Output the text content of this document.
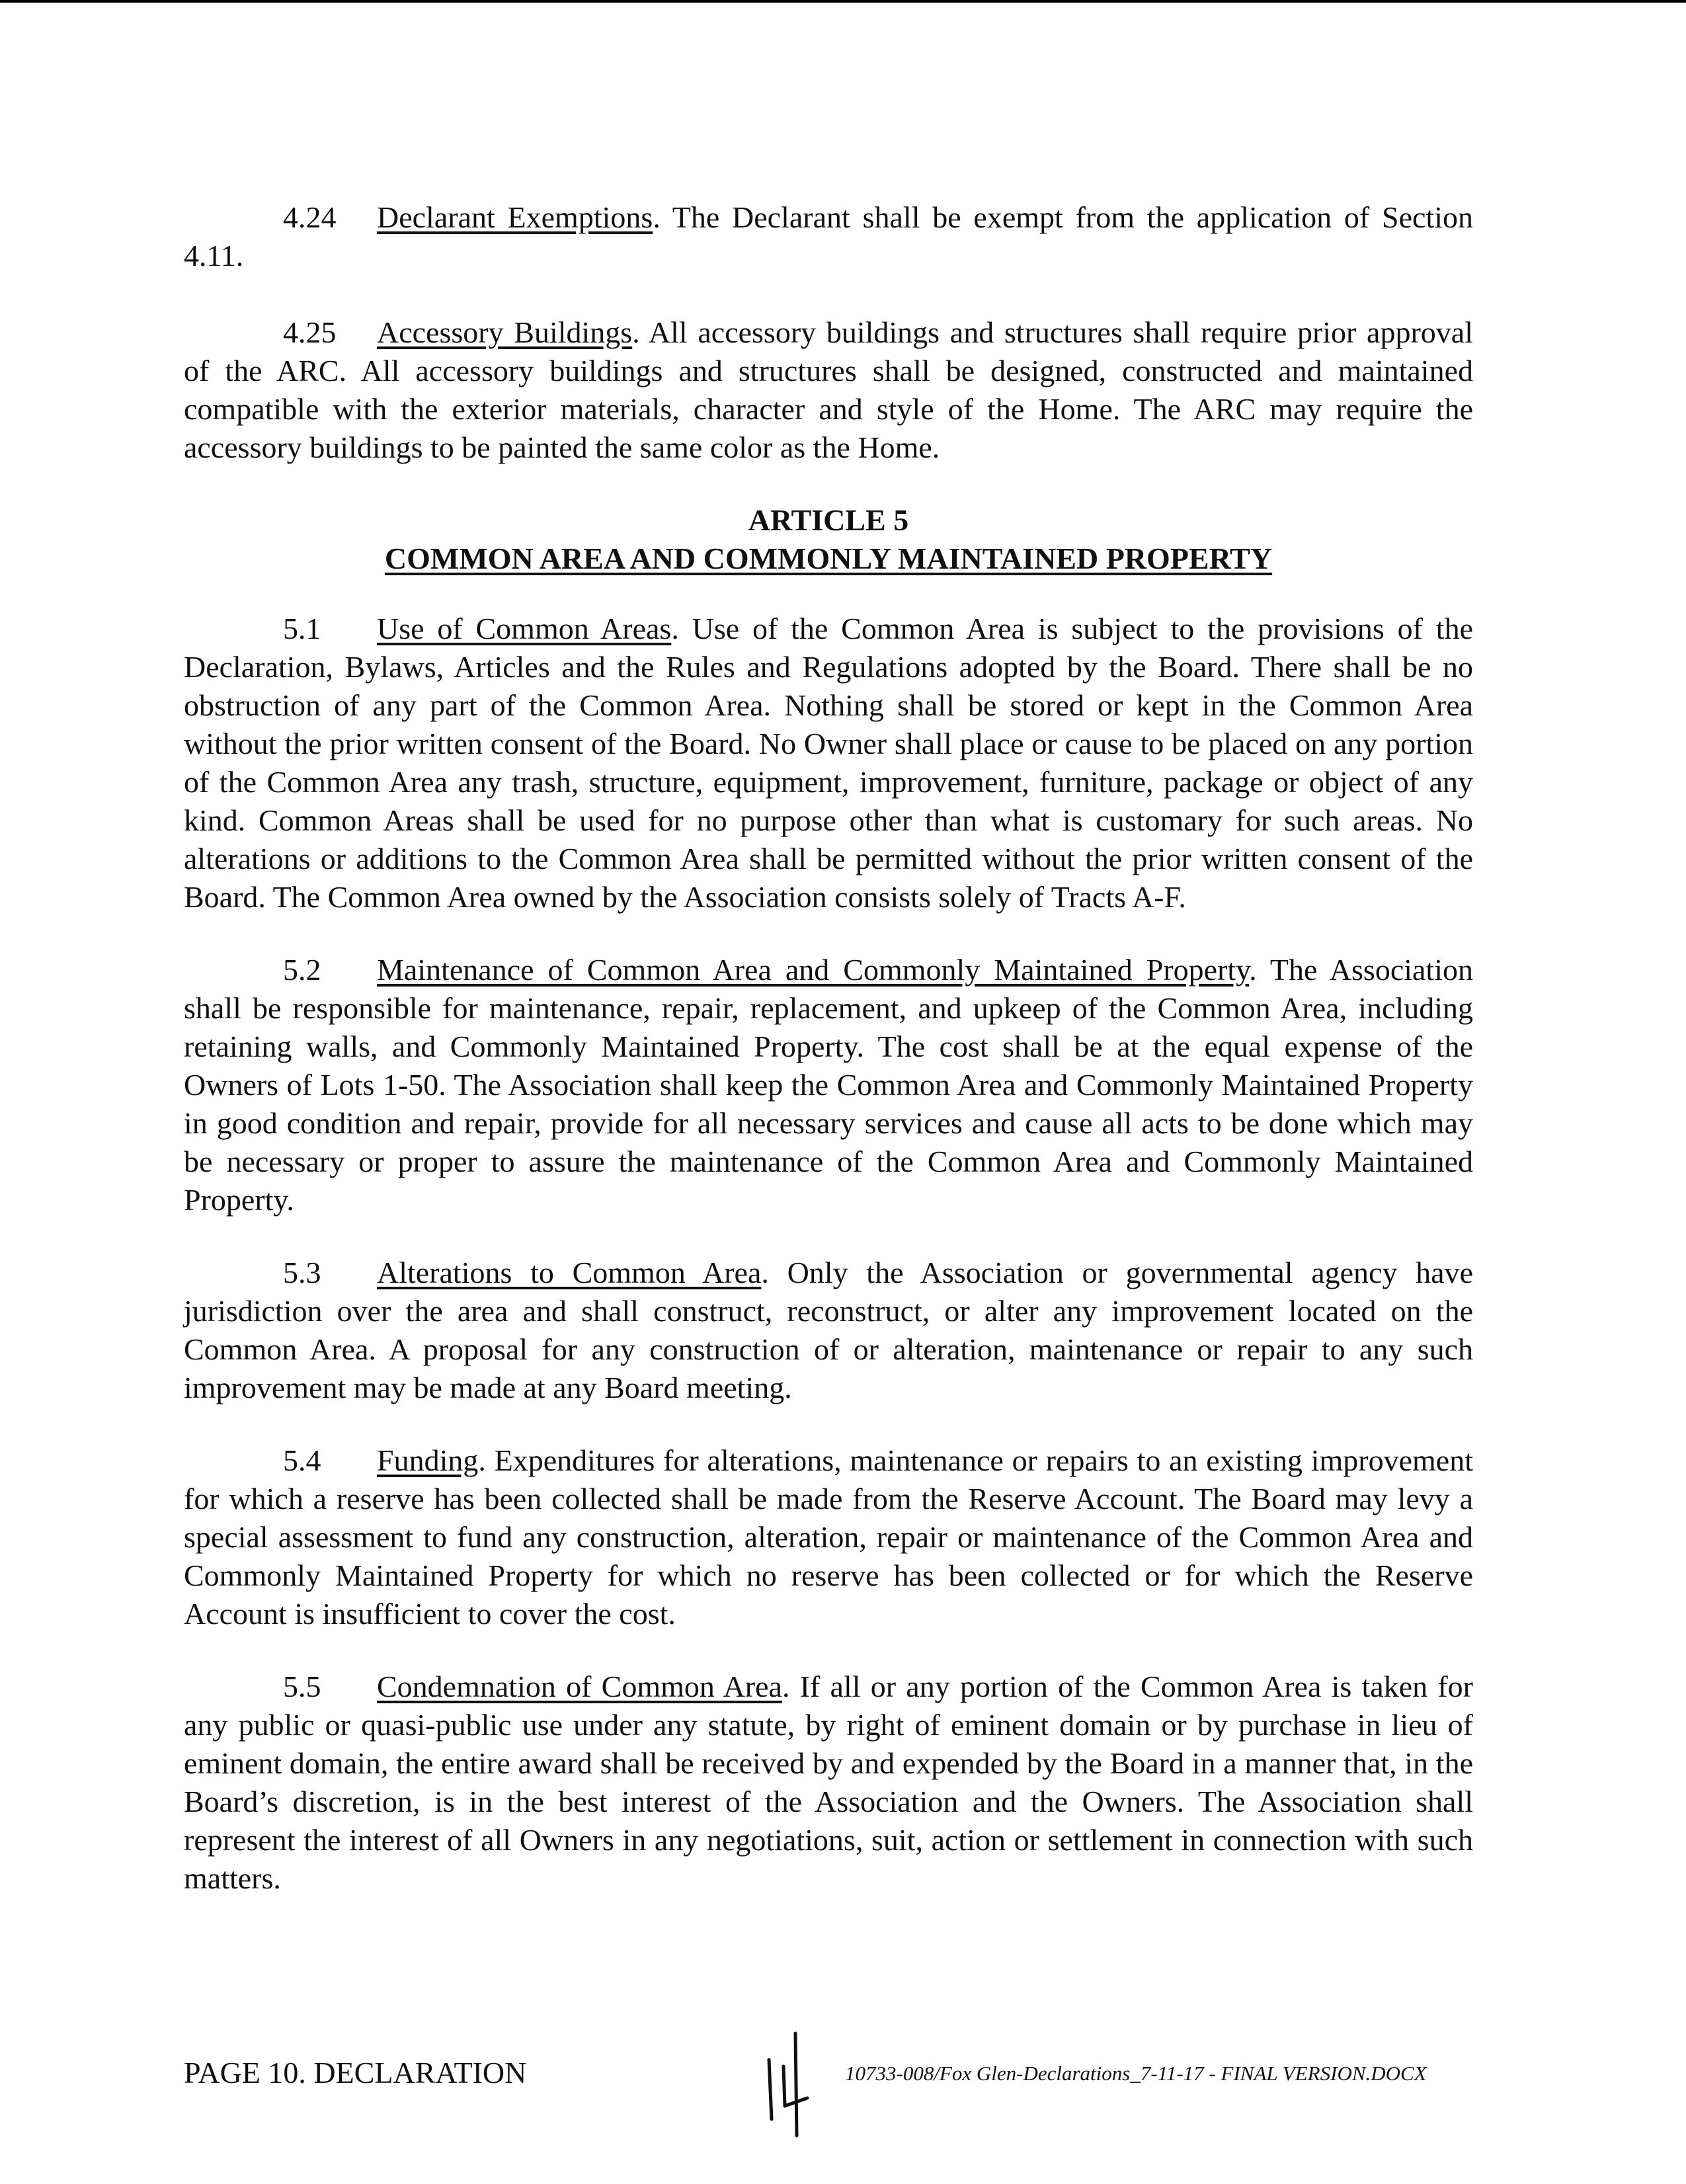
4.24 Declarant Exemptions. The Declarant shall be exempt from the application of Section 4.11.

4.25 Accessory Buildings. All accessory buildings and structures shall require prior approval of the ARC. All accessory buildings and structures shall be designed, constructed and maintained compatible with the exterior materials, character and style of the Home. The ARC may require the accessory buildings to be painted the same color as the Home.

ARTICLE 5

COMMON AREA AND COMMONLY MAINTAINED PROPERTY

5.1 Use of Common Areas. Use of the Common Area is subject to the provisions of the Declaration, Bylaws, Articles and the Rules and Regulations adopted by the Board. There shall be no obstruction of any part of the Common Area. Nothing shall be stored or kept in the Common Area without the prior written consent of the Board. No Owner shall place or cause to be placed on any portion of the Common Area any trash, structure, equipment, improvement, furniture, package or object of any kind. Common Areas shall be used for no purpose other than what is customary for such areas. No alterations or additions to the Common Area shall be permitted without the prior written consent of the Board. The Common Area owned by the Association consists solely of Tracts A-F.

5.2 Maintenance of Common Area and Commonly Maintained Property. The Association shall be responsible for maintenance, repair, replacement, and upkeep of the Common Area, including retaining walls, and Commonly Maintained Property. The cost shall be at the equal expense of the Owners of Lots 1-50. The Association shall keep the Common Area and Commonly Maintained Property in good condition and repair, provide for all necessary services and cause all acts to be done which may be necessary or proper to assure the maintenance of the Common Area and Commonly Maintained Property.

5.3 Alterations to Common Area. Only the Association or governmental agency have jurisdiction over the area and shall construct, reconstruct, or alter any improvement located on the Common Area. A proposal for any construction of or alteration, maintenance or repair to any such improvement may be made at any Board meeting.

5.4 Funding. Expenditures for alterations, maintenance or repairs to an existing improvement for which a reserve has been collected shall be made from the Reserve Account. The Board may levy a special assessment to fund any construction, alteration, repair or maintenance of the Common Area and Commonly Maintained Property for which no reserve has been collected or for which the Reserve Account is insufficient to cover the cost.

5.5 Condemnation of Common Area. If all or any portion of the Common Area is taken for any public or quasi-public use under any statute, by right of eminent domain or by purchase in lieu of eminent domain, the entire award shall be received by and expended by the Board in a manner that, in the Board’s discretion, is in the best interest of the Association and the Owners. The Association shall represent the interest of all Owners in any negotiations, suit, action or settlement in connection with such matters.

PAGE 10. DECLARATION	10733-008/Fox Glen-Declarations_7-11-17 - FINAL VERSION.DOCX
